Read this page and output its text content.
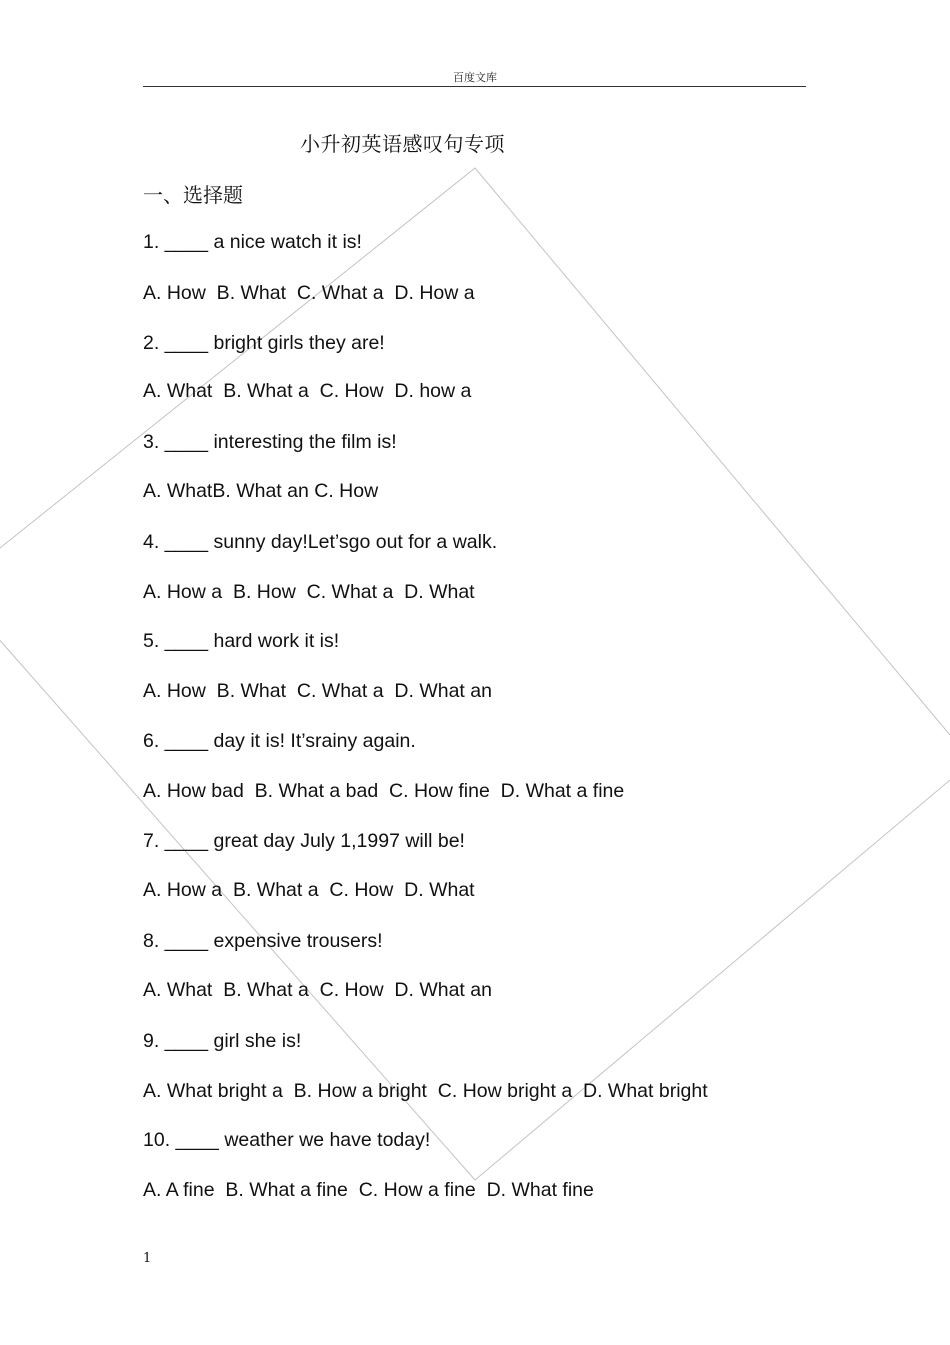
百度文库
小升初英语感叹句专项
一、选择题
1. ____ a nice watch it is!
A. How  B. What  C. What a  D. How a
2. ____ bright girls they are!
A. What  B. What a  C. How  D. how a
3. ____ interesting the film is!
A. WhatB. What an C. How
4. ____ sunny day!Let’sgo out for a walk.
A. How a  B. How  C. What a  D. What
5. ____ hard work it is!
A. How  B. What  C. What a  D. What an
6. ____ day it is! It’srainy again.
A. How bad  B. What a bad  C. How fine  D. What a fine
7. ____ great day July 1,1997 will be!
A. How a  B. What a  C. How  D. What
8. ____ expensive trousers!
A. What  B. What a  C. How  D. What an
9. ____ girl she is!
A. What bright a  B. How a bright  C. How bright a  D. What bright
10. ____ weather we have today!
A. A fine  B. What a fine  C. How a fine  D. What fine
1
